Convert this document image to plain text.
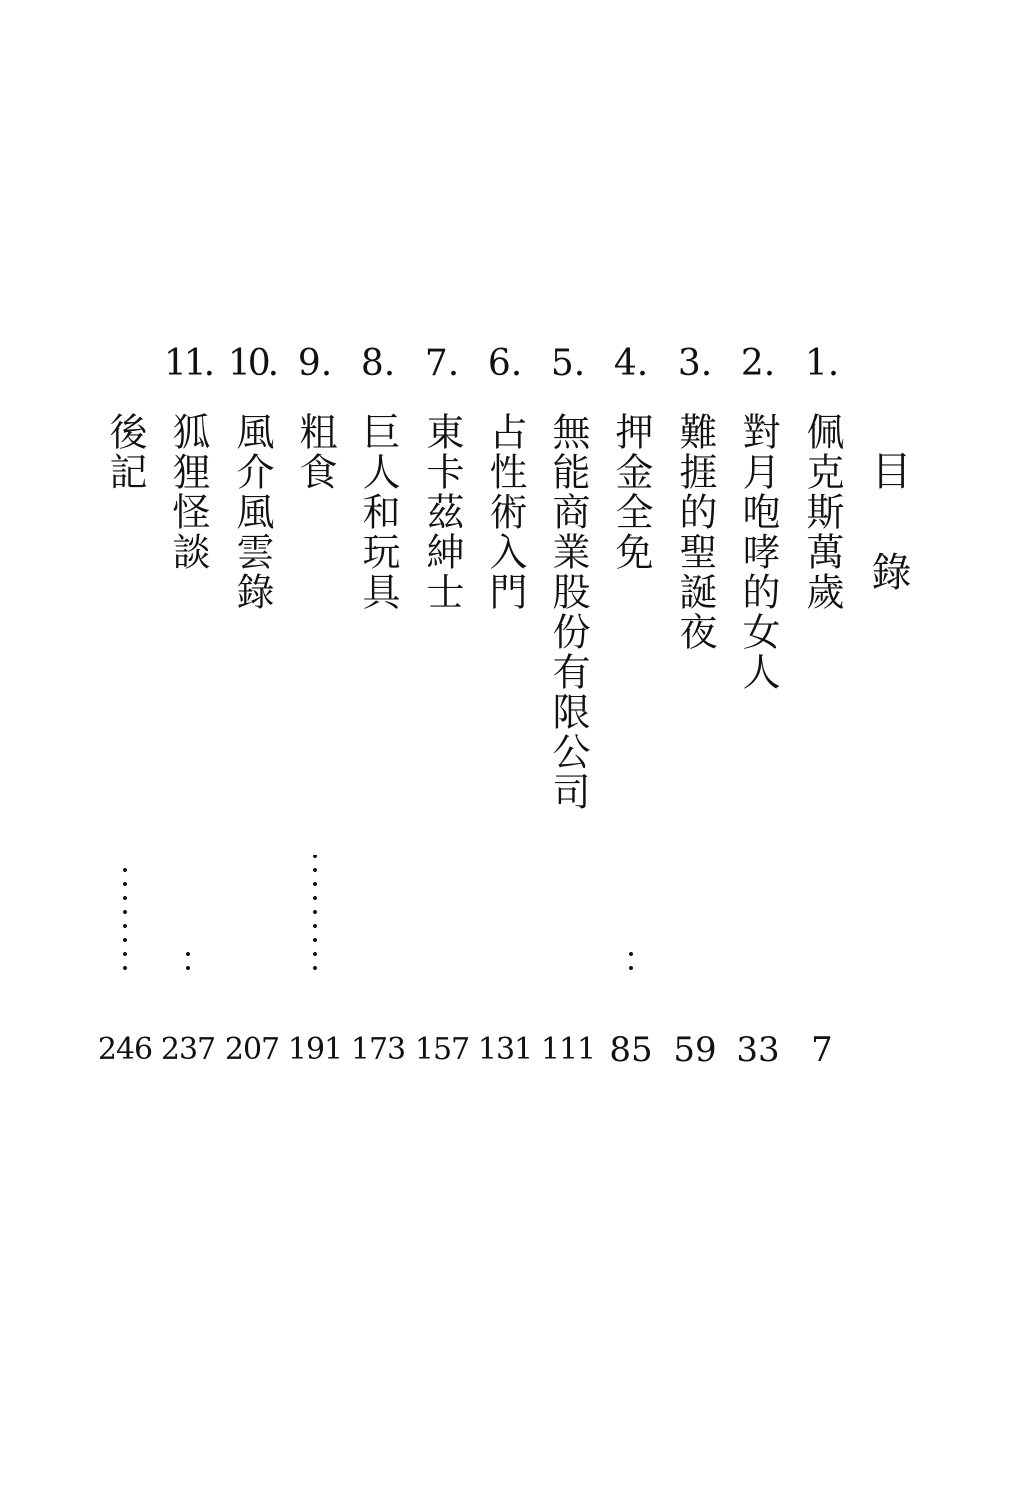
目 錄
1.
佩克斯萬歲
7
2.
對月咆哮的女人
33
3.
難捱的聖誕夜
59
4.
押金全免
85
5.
無能商業股份有限公司
111
6.
占性術入門
131
7.
東卡茲紳士
157
8.
巨人和玩具
173
9.
粗食
191
10.
風介風雲錄
207
11.
狐狸怪談
237
後記
246
